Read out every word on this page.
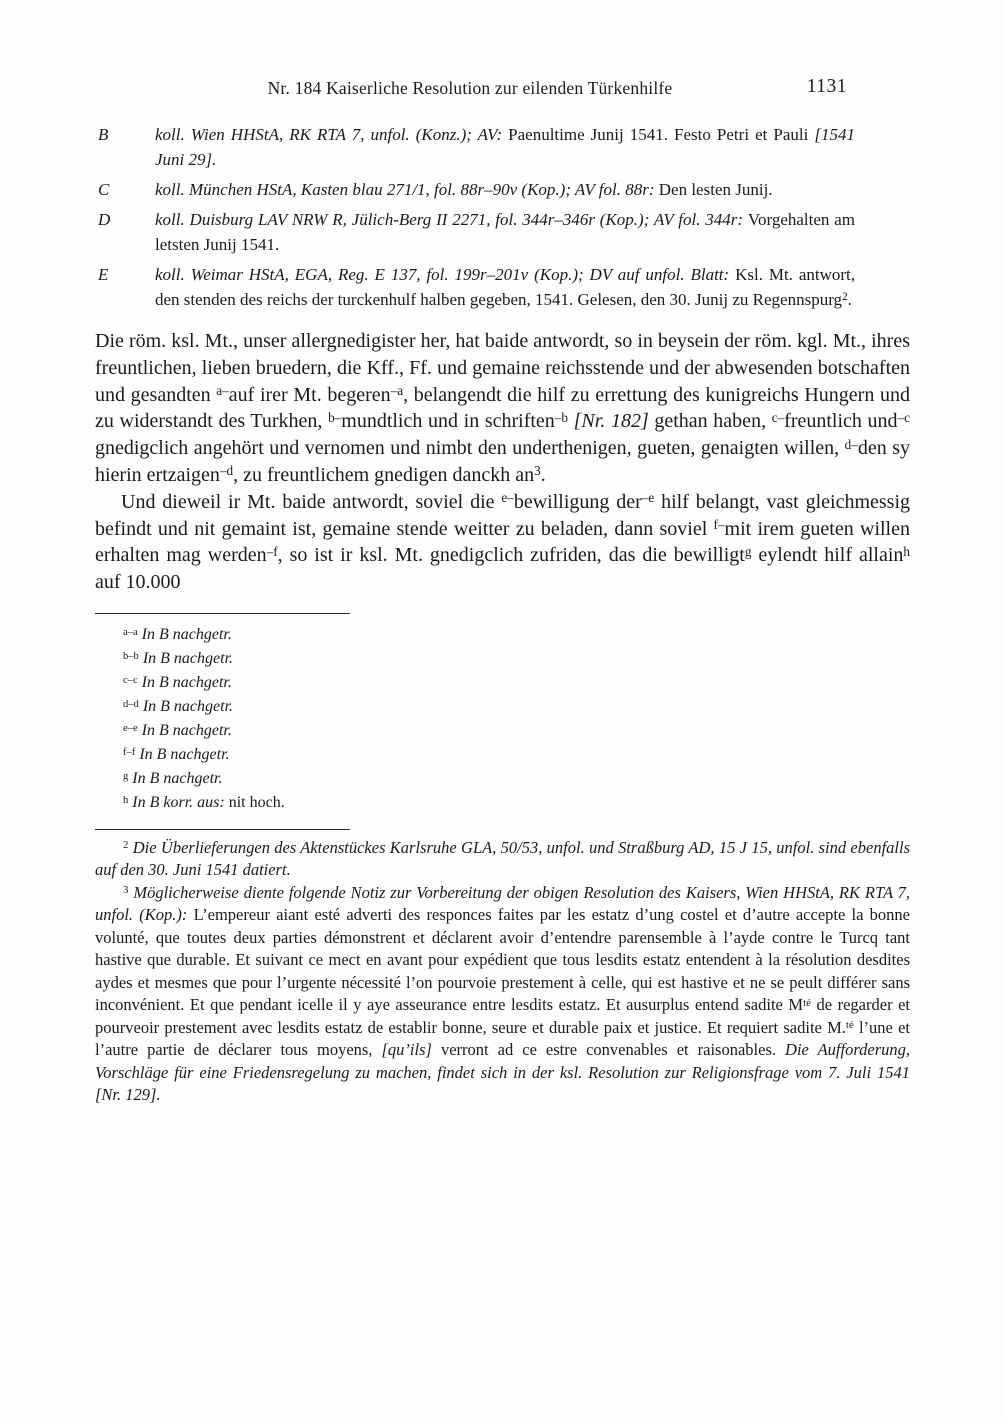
Nr. 184 Kaiserliche Resolution zur eilenden Türkenhilfe	1131
B	koll. Wien HHStA, RK RTA 7, unfol. (Konz.); AV: Paenultime Junij 1541. Festo Petri et Pauli [1541 Juni 29].
C	koll. München HStA, Kasten blau 271/1, fol. 88r–90v (Kop.); AV fol. 88r: Den lesten Junij.
D	koll. Duisburg LAV NRW R, Jülich-Berg II 2271, fol. 344r–346r (Kop.); AV fol. 344r: Vorgehalten am letsten Junij 1541.
E	koll. Weimar HStA, EGA, Reg. E 137, fol. 199r–201v (Kop.); DV auf unfol. Blatt: Ksl. Mt. antwort, den stenden des reichs der turckenhulf halben gegeben, 1541. Gelesen, den 30. Junij zu Regennspurg$^2$.

Die röm. ksl. Mt., unser allergnedigister her, hat baide antwordt, so in beysein der röm. kgl. Mt., ihres freuntlichen, lieben bruedern, die Kff., Ff. und gemaine reichsstende und der abwesenden botschaften und gesandten $^{a-}$auf irer Mt. begeren$^{-a}$, belangendt die hilf zu errettung des kunigreichs Hungern und zu widerstandt des Turkhen, $^{b-}$mundtlich und in schriften$^{-b}$ [Nr. 182] gethan haben, $^{c-}$freuntlich und$^{-c}$ gnedigclich angehört und vernomen und nimbt den underthenigen, gueten, genaigten willen, $^{d-}$den sy hierin ertzaigen$^{-d}$, zu freuntlichem gnedigen danckh $an^3$.

Und dieweil ir Mt. baide antwordt, soviel die $^{e-}$bewilligung der$^{-e}$ hilf belangt, vast gleichmessig befindt und nit gemaint ist, gemaine stende weitter zu beladen, dann soviel $^{f-}$mit irem gueten willen erhalten mag werden$^{-f}$, so ist ir ksl. Mt. gnedigclich zufriden, das die bewilligt$^g$ eylendt hilf allain$^h$ auf 10.000

$^{a-a}$ In B nachgetr.

$^{b-b}$ In B nachgetr.

$^{c-c}$ In B nachgetr.

$^{d-d}$ In B nachgetr.

$^{e-e}$ In B nachgetr.

$^{f-f}$ In B nachgetr.

$^g$ In B nachgetr.

$^h$ In B korr. aus: nit hoch.

$^2$ Die Überlieferungen des Aktenstückes Karlsruhe GLA, 50/53, unfol. und Straßburg AD, 15 J 15, unfol. sind ebenfalls auf den 30. Juni 1541 datiert.

$^3$ Möglicherweise diente folgende Notiz zur Vorbereitung der obigen Resolution des Kaisers, Wien HHStA, RK RTA 7, unfol. (Kop.): L’empereur aiant esté adverti des responces faites par les estatz d’ung costel et d’autre accepte la bonne volunté, que toutes deux parties démonstrent et déclarent avoir d’entendre parensemble à l’ayde contre le Turcq tant hastive que durable. Et suivant ce mect en avant pour expédient que tous lesdits estatz entendent à la résolution desdites aydes et mesmes que pour l’urgente nécessité l’on pourvoie prestement à celle, qui est hastive et ne se peult différer sans inconvénient. Et que pendant icelle il y aye asseurance entre lesdits estatz. Et ausurplus entend sadite $M^{té}$ de regarder et pourveoir prestement avec lesdits estatz de establir bonne, seure et durable paix et justice. Et requiert sadite M.$^{té}$ l’une et l’autre partie de déclarer tous moyens, [qu’ils] verront ad ce estre convenables et raisonables. Die Aufforderung, Vorschläge für eine Friedensregelung zu machen, findet sich in der ksl. Resolution zur Religionsfrage vom 7. Juli 1541 [Nr. 129].
